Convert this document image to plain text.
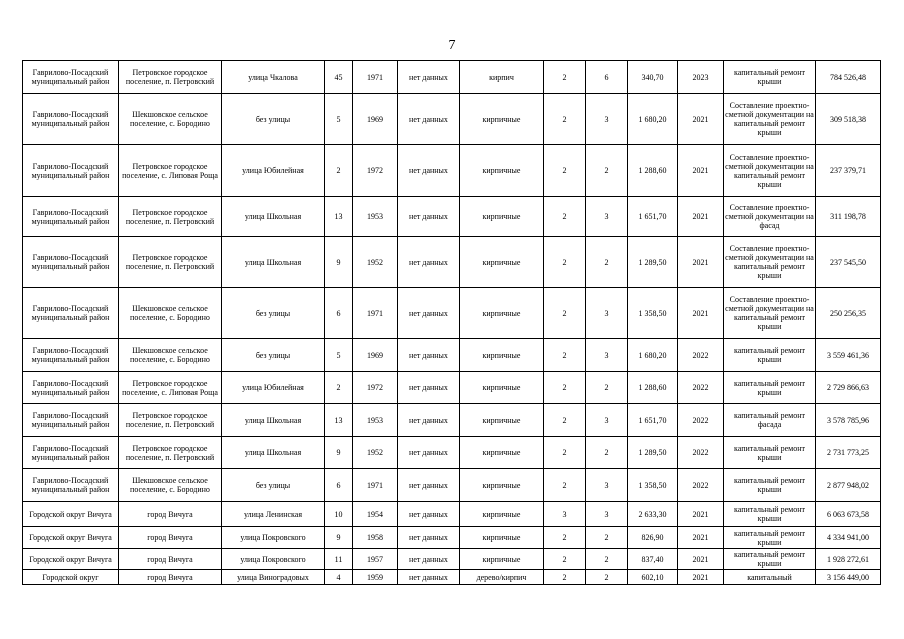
7
Гаврилово-Посадский муниципальный район	Петровское городское поселение, п. Петровский	улица Чкалова	45	1971	нет данных	кирпич	2	6	340,70	2023	капитальный ремонт крыши	784 526,48
Гаврилово-Посадский муниципальный район	Шекшовское сельское поселение, с. Бородино	без улицы	5	1969	нет данных	кирпичные	2	3	1 680,20	2021	Составление проектно-сметной документации на капитальный ремонт крыши	309 518,38
Гаврилово-Посадский муниципальный район	Петровское городское поселение, с. Липовая Роща	улица Юбилейная	2	1972	нет данных	кирпичные	2	2	1 288,60	2021	Составление проектно-сметной документации на капитальный ремонт крыши	237 379,71
Гаврилово-Посадский муниципальный район	Петровское городское поселение, п. Петровский	улица Школьная	13	1953	нет данных	кирпичные	2	3	1 651,70	2021	Составление проектно-сметной документации на фасад	311 198,78
Гаврилово-Посадский муниципальный район	Петровское городское поселение, п. Петровский	улица Школьная	9	1952	нет данных	кирпичные	2	2	1 289,50	2021	Составление проектно-сметной документации на капитальный ремонт крыши	237 545,50
Гаврилово-Посадский муниципальный район	Шекшовское сельское поселение, с. Бородино	без улицы	6	1971	нет данных	кирпичные	2	3	1 358,50	2021	Составление проектно-сметной документации на капитальный ремонт крыши	250 256,35
Гаврилово-Посадский муниципальный район	Шекшовское сельское поселение, с. Бородино	без улицы	5	1969	нет данных	кирпичные	2	3	1 680,20	2022	капитальный ремонт крыши	3 559 461,36
Гаврилово-Посадский муниципальный район	Петровское городское поселение, с. Липовая Роща	улица Юбилейная	2	1972	нет данных	кирпичные	2	2	1 288,60	2022	капитальный ремонт крыши	2 729 866,63
Гаврилово-Посадский муниципальный район	Петровское городское поселение, п. Петровский	улица Школьная	13	1953	нет данных	кирпичные	2	3	1 651,70	2022	капитальный ремонт фасада	3 578 785,96
Гаврилово-Посадский муниципальный район	Петровское городское поселение, п. Петровский	улица Школьная	9	1952	нет данных	кирпичные	2	2	1 289,50	2022	капитальный ремонт крыши	2 731 773,25
Гаврилово-Посадский муниципальный район	Шекшовское сельское поселение, с. Бородино	без улицы	6	1971	нет данных	кирпичные	2	3	1 358,50	2022	капитальный ремонт крыши	2 877 948,02
Городской округ Вичуга	город Вичуга	улица Ленинская	10	1954	нет данных	кирпичные	3	3	2 633,30	2021	капитальный ремонт крыши	6 063 673,58
Городской округ Вичуга	город Вичуга	улица Покровского	9	1958	нет данных	кирпичные	2	2	826,90	2021	капитальный ремонт крыши	4 334 941,00
Городской округ Вичуга	город Вичуга	улица Покровского	11	1957	нет данных	кирпичные	2	2	837,40	2021	капитальный ремонт крыши	1 928 272,61
Городской округ	город Вичуга	улица Виноградовых	4	1959	нет данных	дерево/кирпич	2	2	602,10	2021	капитальный	3 156 449,00
